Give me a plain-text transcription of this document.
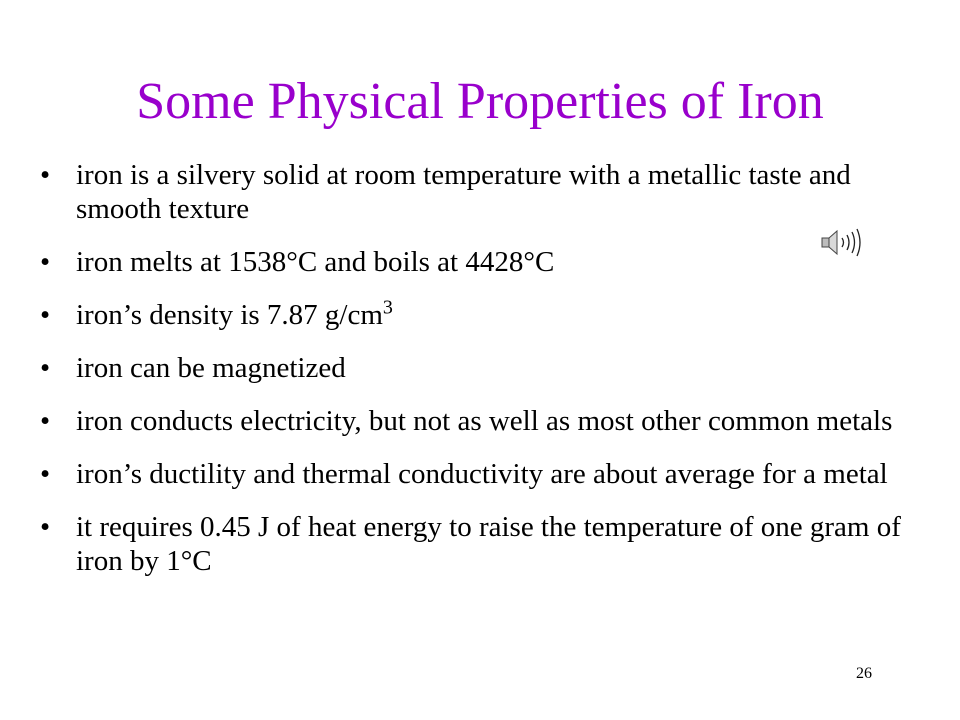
Some Physical Properties of Iron
• iron is a silvery solid at room temperature with a metallic taste and smooth texture
• iron melts at 1538°C and boils at 4428°C
• iron’s density is 7.87 $g/cm^3$
• iron can be magnetized
• iron conducts electricity, but not as well as most other common metals
• iron’s ductility and thermal conductivity are about average for a metal
• it requires 0.45 J of heat energy to raise the temperature of one gram of iron by 1°C
26
